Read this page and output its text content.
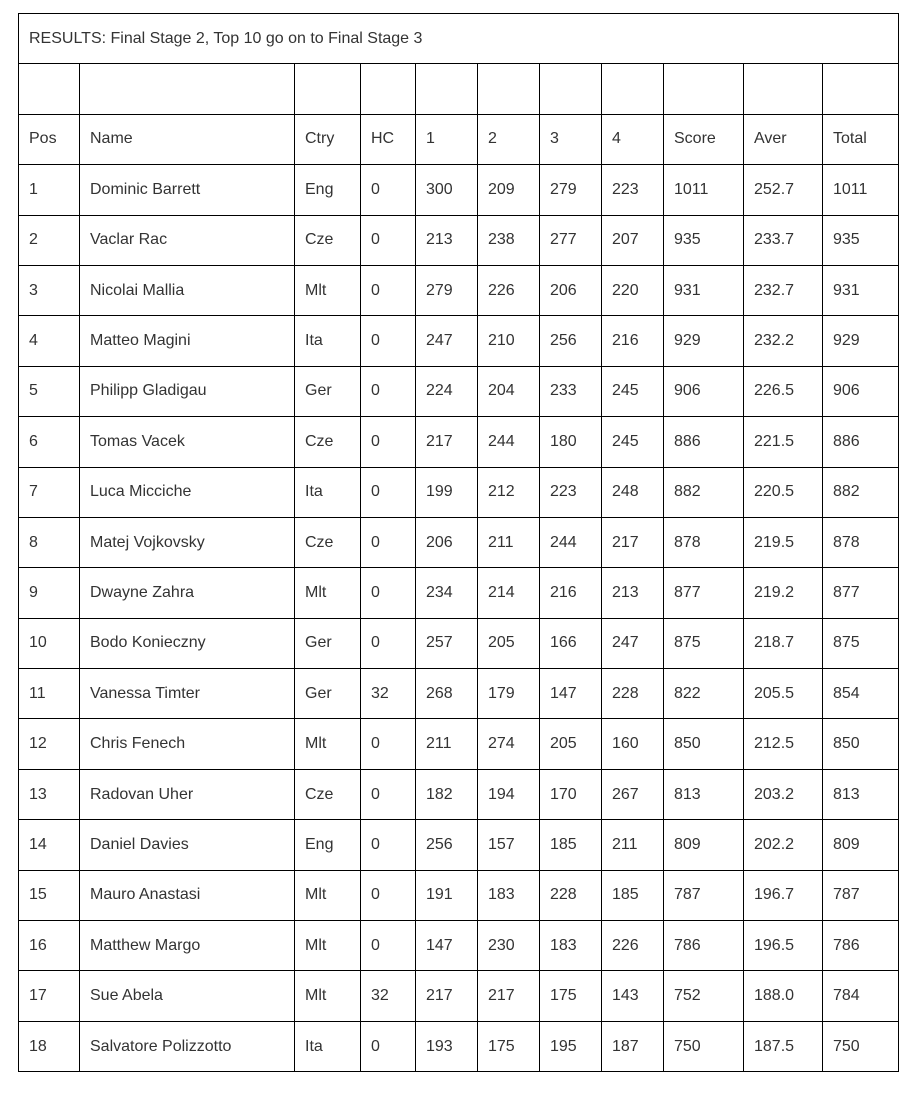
RESULTS: Final Stage 2, Top 10 go on to Final Stage 3										

Pos	Name	Ctry	HC	1	2	3	4	Score	Aver	Total
1	Dominic Barrett	Eng	0	300	209	279	223	1011	252.7	1011
2	Vaclar Rac	Cze	0	213	238	277	207	935	233.7	935
3	Nicolai Mallia	Mlt	0	279	226	206	220	931	232.7	931
4	Matteo Magini	Ita	0	247	210	256	216	929	232.2	929
5	Philipp Gladigau	Ger	0	224	204	233	245	906	226.5	906
6	Tomas Vacek	Cze	0	217	244	180	245	886	221.5	886
7	Luca Micciche	Ita	0	199	212	223	248	882	220.5	882
8	Matej Vojkovsky	Cze	0	206	211	244	217	878	219.5	878
9	Dwayne Zahra	Mlt	0	234	214	216	213	877	219.2	877
10	Bodo Konieczny	Ger	0	257	205	166	247	875	218.7	875
11	Vanessa Timter	Ger	32	268	179	147	228	822	205.5	854
12	Chris Fenech	Mlt	0	211	274	205	160	850	212.5	850
13	Radovan Uher	Cze	0	182	194	170	267	813	203.2	813
14	Daniel Davies	Eng	0	256	157	185	211	809	202.2	809
15	Mauro Anastasi	Mlt	0	191	183	228	185	787	196.7	787
16	Matthew Margo	Mlt	0	147	230	183	226	786	196.5	786
17	Sue Abela	Mlt	32	217	217	175	143	752	188.0	784
18	Salvatore Polizzotto	Ita	0	193	175	195	187	750	187.5	750
